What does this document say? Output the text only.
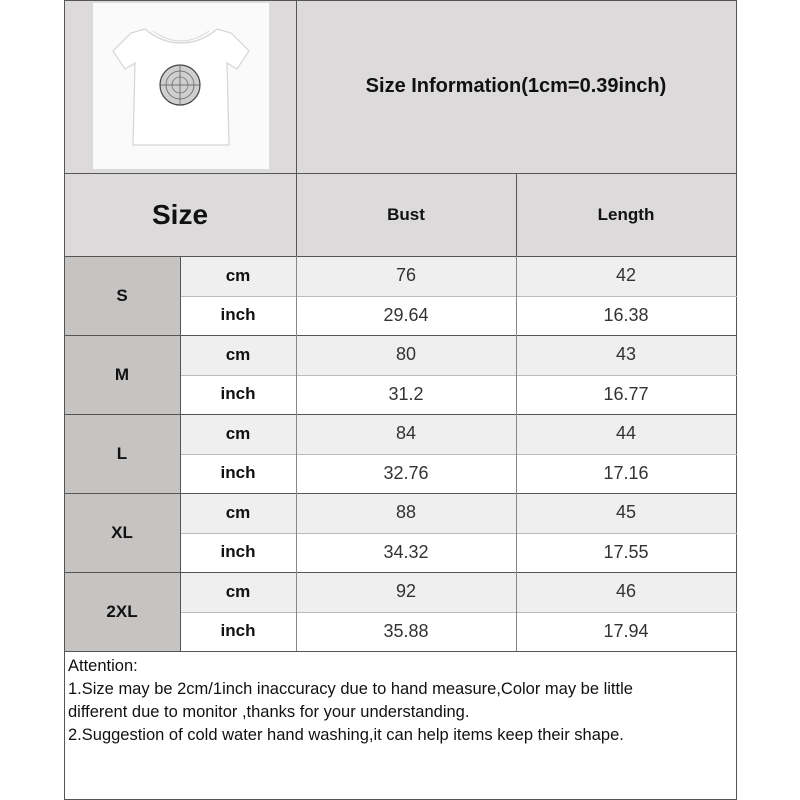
Size Information(1cm=0.39inch)
Size	Bust	Length
S
cm	76	42
inch	29.64	16.38
M
cm	80	43
inch	31.2	16.77
L
cm	84	44
inch	32.76	17.16
XL
cm	88	45
inch	34.32	17.55
2XL
cm	92	46
inch	35.88	17.94
Attention:
1.Size may be 2cm/1inch inaccuracy due to hand measure,Color may be little
different due to monitor ,thanks for your understanding.
2.Suggestion of cold water hand washing,it can help items keep their shape.
